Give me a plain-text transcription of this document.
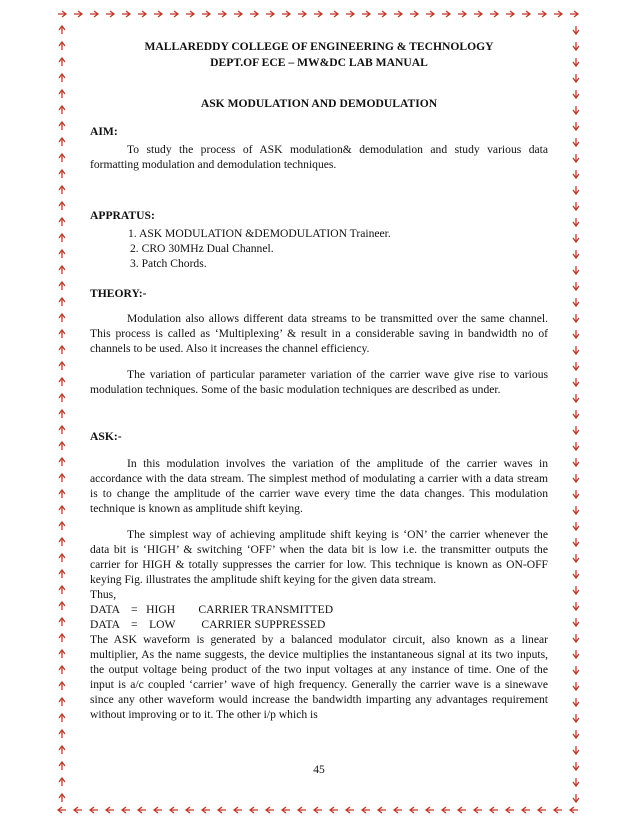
MALLAREDDY COLLEGE OF ENGINEERING & TECHNOLOGY
DEPT.OF ECE – MW&DC LAB MANUAL
ASK MODULATION AND DEMODULATION
AIM:
To study the process of ASK modulation& demodulation and study various data formatting modulation and demodulation techniques.
APPRATUS:
1. ASK MODULATION &DEMODULATION Traineer.
2. CRO 30MHz Dual Channel.
3. Patch Chords.
THEORY:-
Modulation also allows different data streams to be transmitted over the same channel. This process is called as ‘Multiplexing’ & result in a considerable saving in bandwidth no of channels to be used. Also it increases the channel efficiency.
The variation of particular parameter variation of the carrier wave give rise to various modulation techniques. Some of the basic modulation techniques are described as under.
ASK:-
In this modulation involves the variation of the amplitude of the carrier waves in accordance with the data stream. The simplest method of modulating a carrier with a data stream is to change the amplitude of the carrier wave every time the data changes. This modulation technique is known as amplitude shift keying.
The simplest way of achieving amplitude shift keying is ‘ON’ the carrier whenever the data bit is ‘HIGH’ & switching ‘OFF’ when the data bit is low i.e. the transmitter outputs the carrier for HIGH & totally suppresses the carrier for low. This technique is known as ON-OFF keying Fig. illustrates the amplitude shift keying for the given data stream.
Thus,
DATA    =   HIGH        CARRIER TRANSMITTED
DATA    =    LOW         CARRIER SUPPRESSED
The ASK waveform is generated by a balanced modulator circuit, also known as a linear multiplier, As the name suggests, the device multiplies the instantaneous signal at its two inputs, the output voltage being product of the two input voltages at any instance of time. One of the input is a/c coupled ‘carrier’ wave of high frequency. Generally the carrier wave is a sinewave since any other waveform would increase the bandwidth imparting any advantages requirement without improving or to it. The other i/p which is
45
